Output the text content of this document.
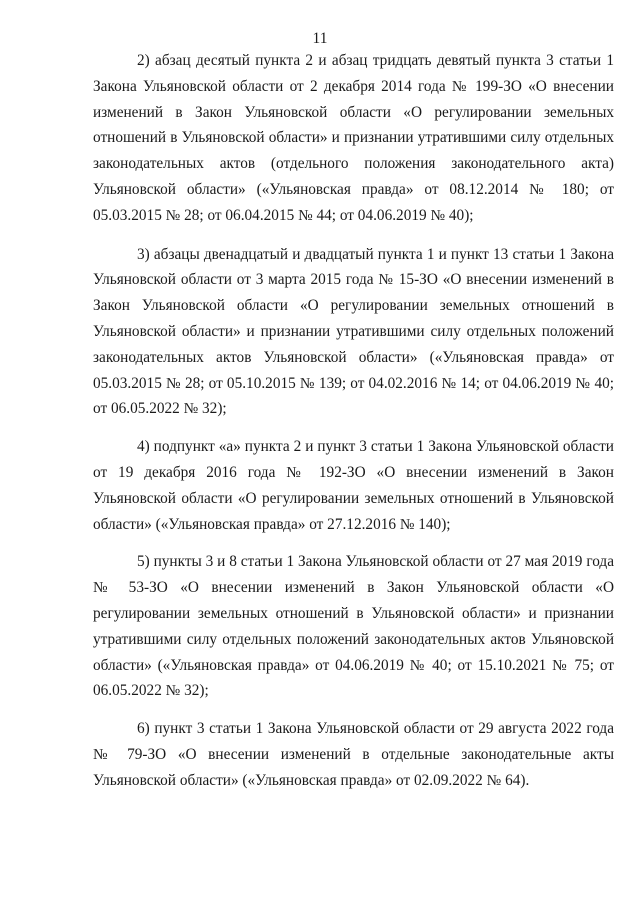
11

2) абзац десятый пункта 2 и абзац тридцать девятый пункта 3 статьи 1 Закона Ульяновской области от 2 декабря 2014 года № 199-ЗО «О внесении изменений в Закон Ульяновской области «О регулировании земельных отношений в Ульяновской области» и признании утратившими силу отдельных законодательных актов (отдельного положения законодательного акта) Ульяновской области» («Ульяновская правда» от 08.12.2014 № 180; от 05.03.2015 № 28; от 06.04.2015 № 44; от 04.06.2019 № 40);

3) абзацы двенадцатый и двадцатый пункта 1 и пункт 13 статьи 1 Закона Ульяновской области от 3 марта 2015 года № 15-ЗО «О внесении изменений в Закон Ульяновской области «О регулировании земельных отношений в Ульяновской области» и признании утратившими силу отдельных положений законодательных актов Ульяновской области» («Ульяновская правда» от 05.03.2015 № 28; от 05.10.2015 № 139; от 04.02.2016 № 14; от 04.06.2019 № 40; от 06.05.2022 № 32);

4) подпункт «а» пункта 2 и пункт 3 статьи 1 Закона Ульяновской области от 19 декабря 2016 года № 192-ЗО «О внесении изменений в Закон Ульяновской области «О регулировании земельных отношений в Ульяновской области» («Ульяновская правда» от 27.12.2016 № 140);

5) пункты 3 и 8 статьи 1 Закона Ульяновской области от 27 мая 2019 года № 53-ЗО «О внесении изменений в Закон Ульяновской области «О регулировании земельных отношений в Ульяновской области» и признании утратившими силу отдельных положений законодательных актов Ульяновской области» («Ульяновская правда» от 04.06.2019 № 40; от 15.10.2021 № 75; от 06.05.2022 № 32);

6) пункт 3 статьи 1 Закона Ульяновской области от 29 августа 2022 года № 79-ЗО «О внесении изменений в отдельные законодательные акты Ульяновской области» («Ульяновская правда» от 02.09.2022 № 64).
